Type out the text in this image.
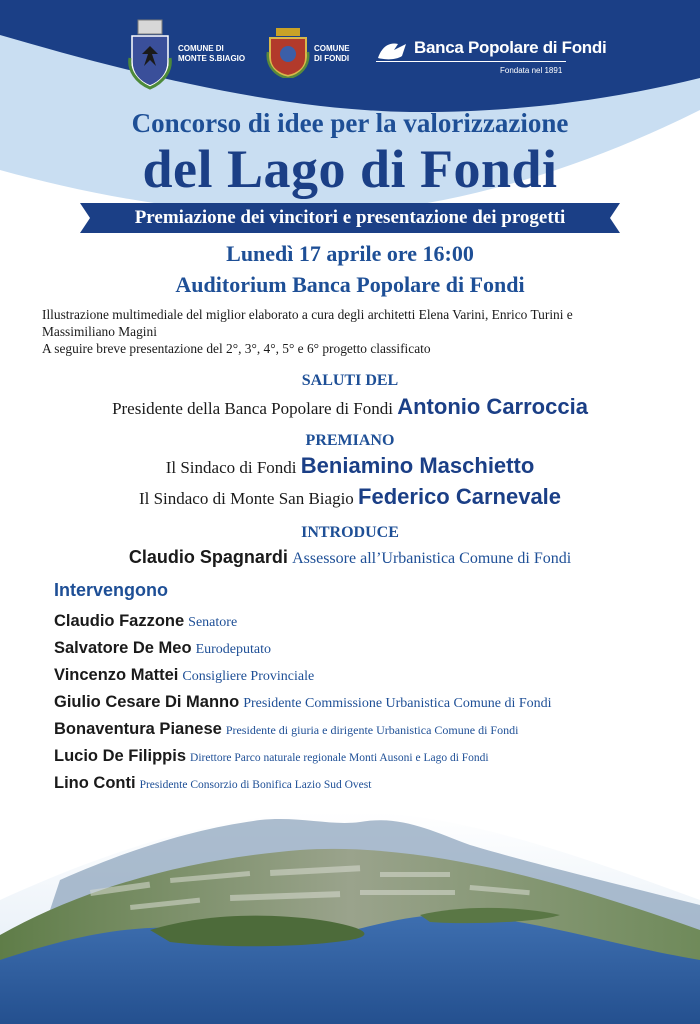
COMUNE DI
MONTE S.BIAGIO
COMUNE
DI FONDI
Banca Popolare di Fondi
Fondata nel 1891
Concorso di idee per la valorizzazione
del Lago di Fondi
Premiazione dei vincitori e presentazione dei progetti
Lunedì 17 aprile ore 16:00
Auditorium Banca Popolare di Fondi
Illustrazione multimediale del miglior elaborato a cura degli architetti Elena Varini, Enrico Turini e
Massimiliano Magini
A seguire breve presentazione del 2°, 3°, 4°, 5° e 6° progetto classificato
SALUTI DEL
Presidente della Banca Popolare di Fondi Antonio Carroccia
PREMIANO
Il Sindaco di Fondi Beniamino Maschietto
Il Sindaco di Monte San Biagio Federico Carnevale
INTRODUCE
Claudio Spagnardi Assessore all’Urbanistica Comune di Fondi
Intervengono
Claudio Fazzone Senatore
Salvatore De Meo Eurodeputato
Vincenzo Mattei Consigliere Provinciale
Giulio Cesare Di Manno Presidente Commissione Urbanistica Comune di Fondi
Bonaventura Pianese Presidente di giuria e dirigente Urbanistica Comune di Fondi
Lucio De Filippis Direttore Parco naturale regionale Monti Ausoni e Lago di Fondi
Lino Conti Presidente Consorzio di Bonifica Lazio Sud Ovest
